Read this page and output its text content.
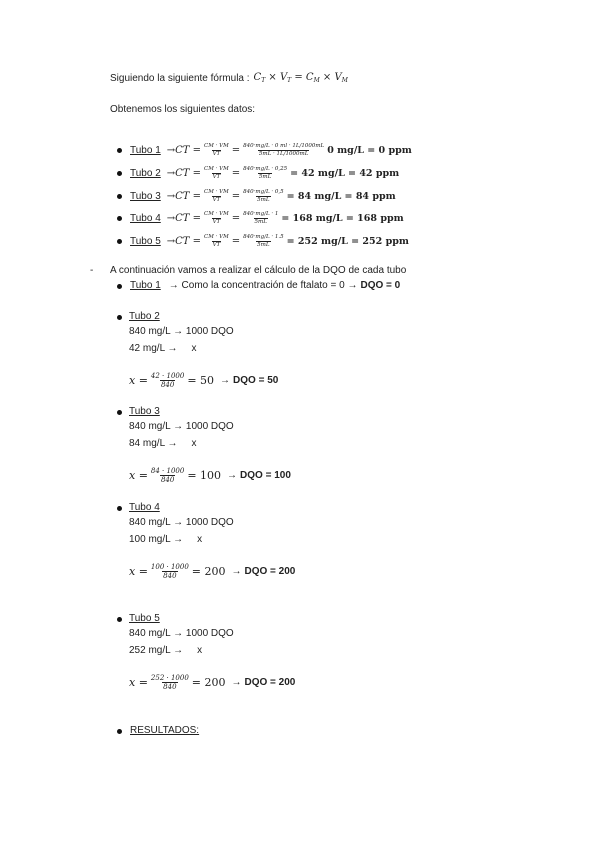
Siguiendo la siguiente fórmula : $C_T \times V_T = C_M \times V_M$
Obtenemos los siguientes datos:
Tubo $1 \to CT = \frac{CM \cdot VM}{VT} = \frac{840\cdot mg/L \cdot 0 ml \cdot 1L/1000mL}{5mL \cdot 1L/1000mL} 0$ mg/L = 0 ppm
Tubo $2 \to CT = \frac{CM \cdot VM}{VT} = \frac{840\cdot mg/L \cdot 0,25}{5mL} = 42$ mg/L = 42 ppm
Tubo $3 \to CT = \frac{CM \cdot VM}{VT} = \frac{840\cdot mg/L \cdot 0,5}{5mL} = 84$ mg/L = 84 ppm
Tubo $4 \to CT = \frac{CM \cdot VM}{VT} = \frac{840\cdot mg/L \cdot 1}{5mL} = 168$ mg/L = 168 ppm
Tubo $5 \to CT = \frac{CM \cdot VM}{VT} = \frac{840\cdot mg/L \cdot 1.5}{5mL} = 252$ mg/L = 252 ppm
- A continuación vamos a realizar el cálculo de la DQO de cada tubo
Tubo 1 → Como la concentración de ftalato = 0 → DQO = 0
Tubo 2
840 mg/L → 1000 DQO
42 mg/L → x
$x = \frac{42 \cdot 1000}{840} = 50$ → DQO = 50
Tubo 3
840 mg/L → 1000 DQO
84 mg/L → x
$x = \frac{84 \cdot 1000}{840} = 100$ → DQO = 100
Tubo 4
840 mg/L → 1000 DQO
100 mg/L → x
$x = \frac{100 \cdot 1000}{840} = 200$ → DQO = 200
Tubo 5
840 mg/L → 1000 DQO
252 mg/L → x
$x = \frac{252 \cdot 1000}{840} = 200$ → DQO = 200
RESULTADOS:
